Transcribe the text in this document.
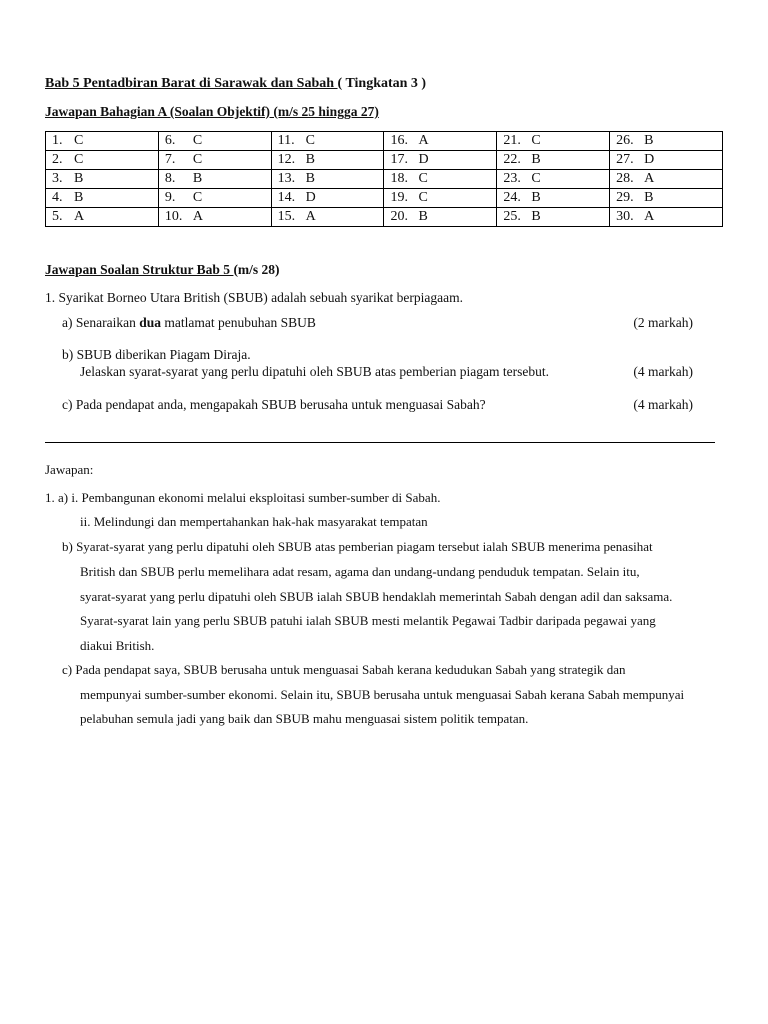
Bab 5 Pentadbiran Barat di Sarawak dan Sabah ( Tingkatan 3 )
Jawapan Bahagian A (Soalan Objektif) (m/s 25 hingga 27)
1. C	6. C	11. C	16. A	21. C	26. B
2. C	7. C	12. B	17. D	22. B	27. D
3. B	8. B	13. B	18. C	23. C	28. A
4. B	9. C	14. D	19. C	24. B	29. B
5. A	10. A	15. A	20. B	25. B	30. A
Jawapan Soalan Struktur Bab 5 (m/s 28)
1. Syarikat Borneo Utara British (SBUB) adalah sebuah syarikat berpiagaam.
a) Senaraikan dua matlamat penubuhan SBUB	(2 markah)
b) SBUB diberikan Piagam Diraja.
Jelaskan syarat-syarat yang perlu dipatuhi oleh SBUB atas pemberian piagam tersebut.	(4 markah)
c) Pada pendapat anda, mengapakah SBUB berusaha untuk menguasai Sabah?	(4 markah)
Jawapan:
1. a) i. Pembangunan ekonomi melalui eksploitasi sumber-sumber di Sabah.
ii. Melindungi dan mempertahankan hak-hak masyarakat tempatan
b) Syarat-syarat yang perlu dipatuhi oleh SBUB atas pemberian piagam tersebut ialah SBUB menerima penasihat
British dan SBUB perlu memelihara adat resam, agama dan undang-undang penduduk tempatan. Selain itu,
syarat-syarat yang perlu dipatuhi oleh SBUB ialah SBUB hendaklah memerintah Sabah dengan adil dan saksama.
Syarat-syarat lain yang perlu SBUB patuhi ialah SBUB mesti melantik Pegawai Tadbir daripada pegawai yang
diakui British.
c) Pada pendapat saya, SBUB berusaha untuk menguasai Sabah kerana kedudukan Sabah yang strategik dan
mempunyai sumber-sumber ekonomi. Selain itu, SBUB berusaha untuk menguasai Sabah kerana Sabah mempunyai
pelabuhan semula jadi yang baik dan SBUB mahu menguasai sistem politik tempatan.
